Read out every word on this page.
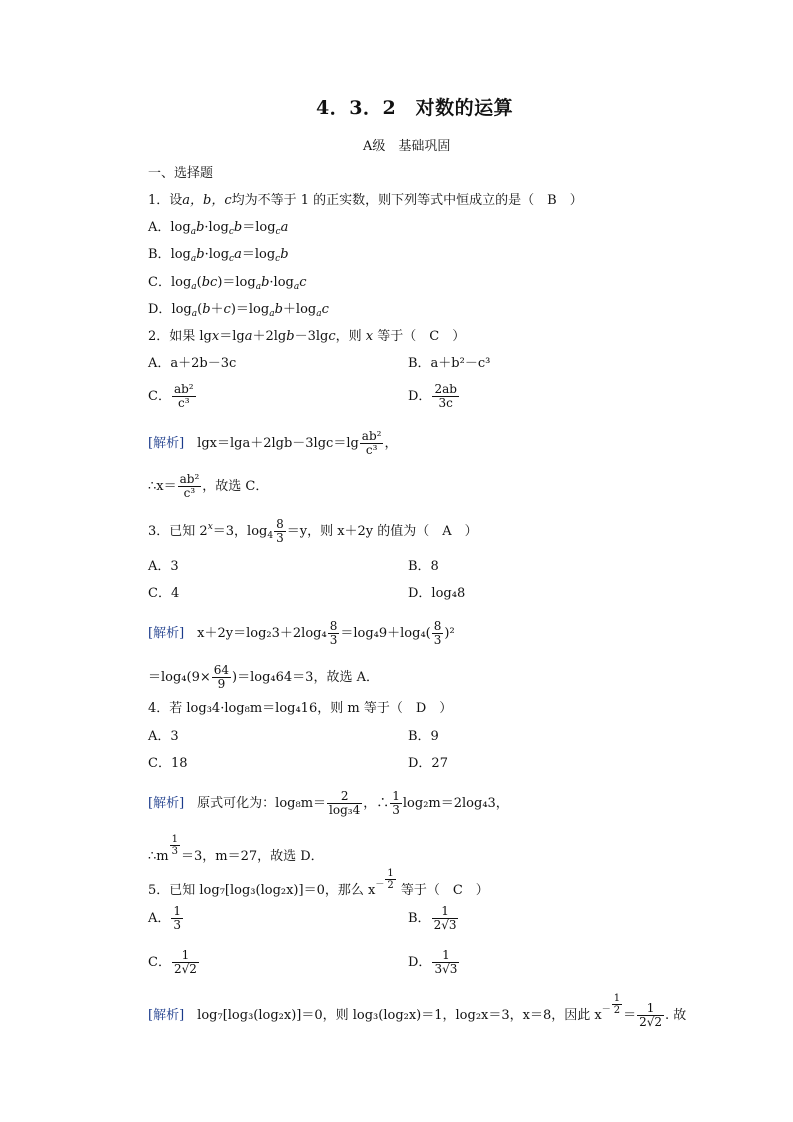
4．3．2　对数的运算
A级　基础巩固
一、选择题
1．设a，b，c均为不等于 1 的正实数，则下列等式中恒成立的是（　B　）
A．$\log_ab\cdot\log_cb=\log_ca$
B．$\log_ab\cdot\log_ca=\log_cb$
C．$\log_a(bc)=\log_ab\cdot\log_ac$
D．$\log_a(b+c)=\log_ab+\log_ac$
2．如果 lgx＝lga＋2lgb－3lgc，则 x 等于（　C　）
A．a＋2b－3c	B．a＋b²－c³
C． $\frac{\text{ab²}}{\text{c³}}$	D． $\frac{2ab}{3c}$
[解析]　 $\lg x=\lg a+2\lg b-3\lg c=\lg \frac{\text{ab²}}{\text{c³}}$ ，
∴x＝ $\frac{\text{ab²}}{\text{c³}}$ ，故选 C．
3．已知 $2^x=3$，$\log_4 \frac{8}{3} =y$，则 x＋2y 的值为（　A　）
A．3	B．8
C．4	D．log₄8
[解析]　 $x+2y=\log_23+2\log_4 \frac{8}{3} =\log_49+\log_4( \frac{8}{3} )^2$
$=\log_4(9\times \frac{64}{9} )=\log_464=3$，故选 A．
4．若 log₃4·log₈m＝log₄16，则 m 等于（　D　）
A．3	B．9
C．18	D．27
[解析]　 原式可化为：$\log_8m= \frac{2}{\text{log₃4}}$ ，∴ $\frac{1}{3} \log_2m=2\log_43$，
∴m $\frac{1}{3} =3$，m＝27，故选 D．
5．已知 log₇[log₃(log₂x)]＝0，那么 $x^- \frac{1}{2}$ 等于（　C　）
A． $\frac{1}{3}$	B． $\frac{1}{2√3}$
C． $\frac{1}{2√2}$	D． $\frac{1}{3√3}$
[解析]　 log₇[log₃(log₂x)]＝0，则 log₃(log₂x)＝1，log₂x＝3，x＝8，因此 $x^- \frac{1}{2} = \frac{1}{2√2}$ . 故
